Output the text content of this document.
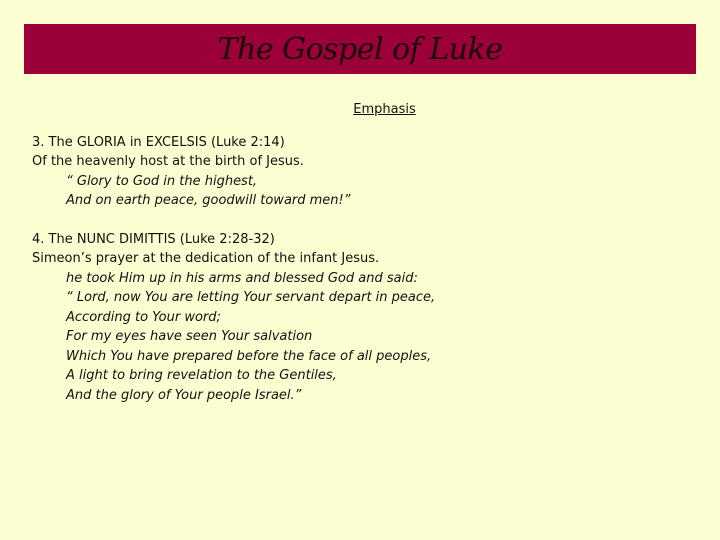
The Gospel of Luke
Emphasis
3. The GLORIA in EXCELSIS (Luke 2:14)
Of the heavenly host at the birth of Jesus.
“ Glory to God in the highest,
And on earth peace, goodwill toward men!”
4. The NUNC DIMITTIS (Luke 2:28-32)
Simeon’s prayer at the dedication of the infant Jesus.
he took Him up in his arms and blessed God and said:
“ Lord, now You are letting Your servant depart in peace,
According to Your word;
For my eyes have seen Your salvation
Which You have prepared before the face of all peoples,
A light to bring revelation to the Gentiles,
And the glory of Your people Israel.”
